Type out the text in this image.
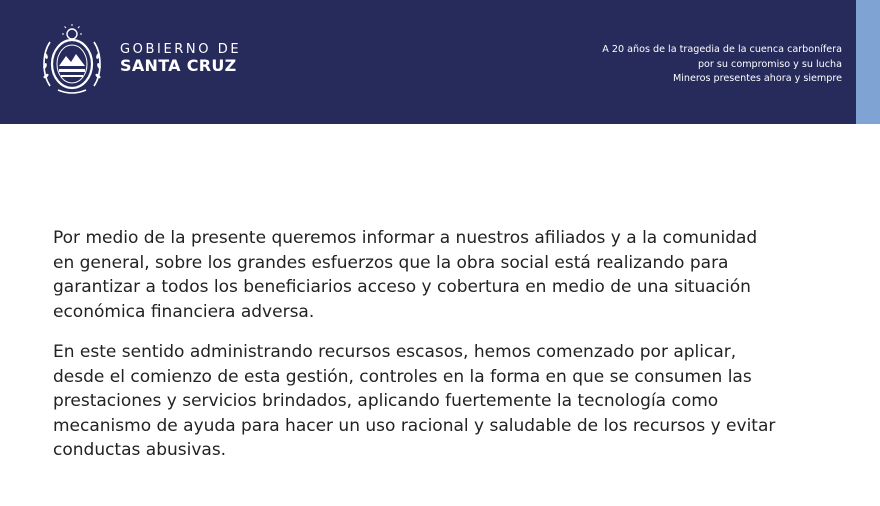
GOBIERNO DE
SANTA CRUZ
A 20 años de la tragedia de la cuenca carbonífera
por su compromiso y su lucha
Mineros presentes ahora y siempre

Por medio de la presente queremos informar a nuestros afiliados y a la comunidad
en general, sobre los grandes esfuerzos que la obra social está realizando para
garantizar a todos los beneficiarios acceso y cobertura en medio de una situación
económica financiera adversa.

En este sentido administrando recursos escasos, hemos comenzado por aplicar,
desde el comienzo de esta gestión, controles en la forma en que se consumen las
prestaciones y servicios brindados, aplicando fuertemente la tecnología como
mecanismo de ayuda para hacer un uso racional y saludable de los recursos y evitar
conductas abusivas.
